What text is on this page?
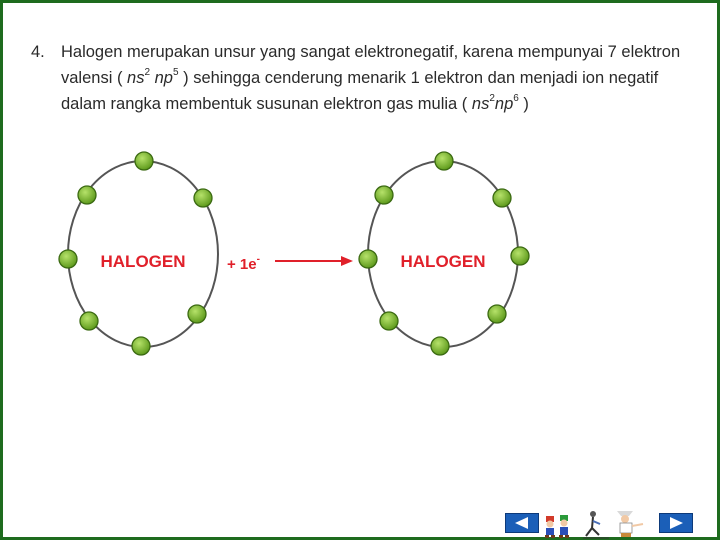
4. Halogen merupakan unsur yang sangat elektronegatif, karena mempunyai 7 elektron
valensi ( $ns^2$ $np^5$ ) sehingga cenderung menarik 1 elektron dan menjadi ion negatif
dalam rangka membentuk susunan elektron gas mulia ( $ns^2np^6$ )
HALOGEN	+ 1e-	HALOGEN
